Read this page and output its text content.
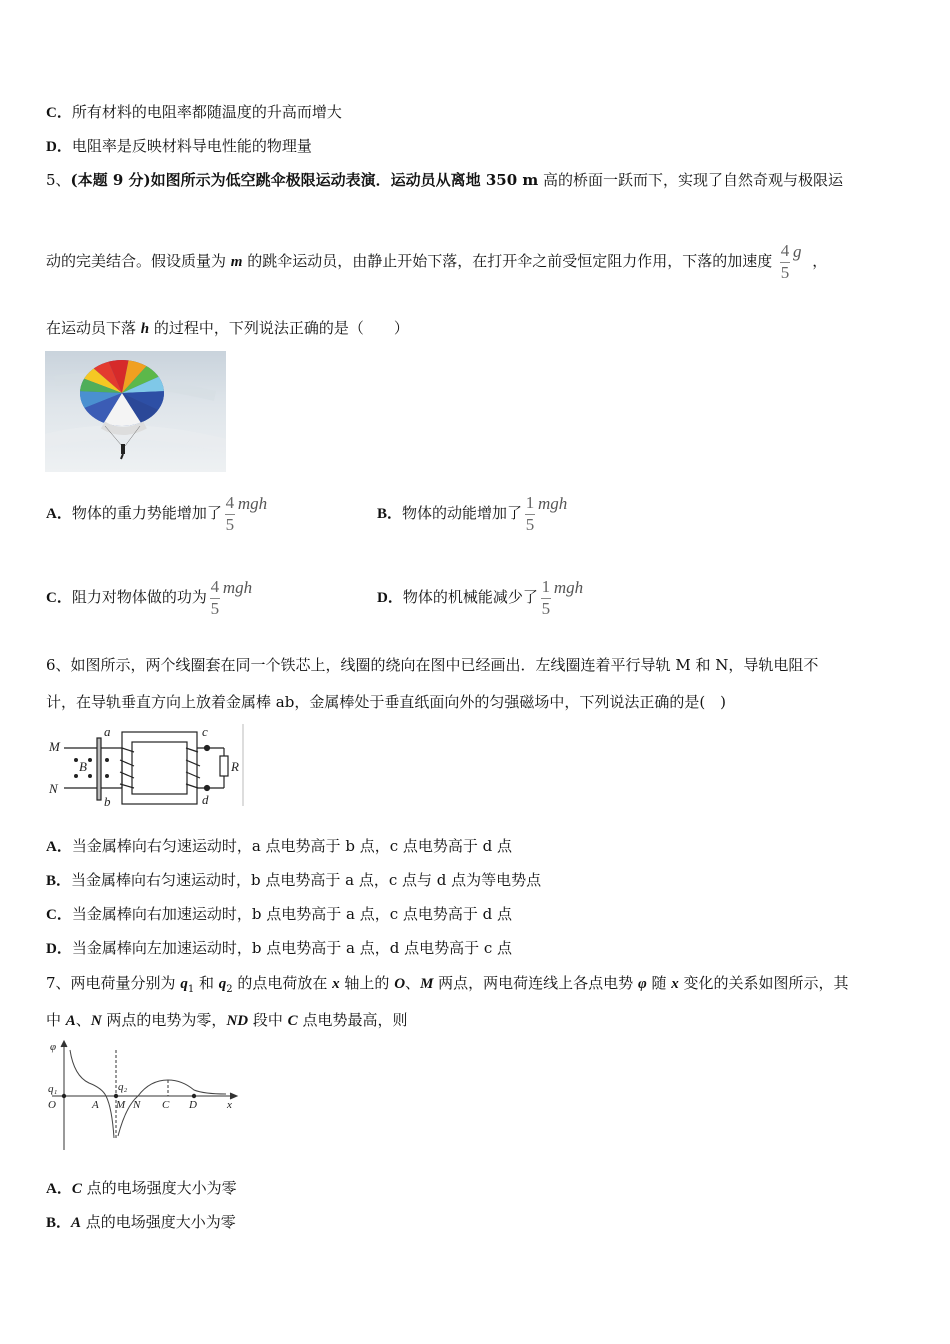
C．所有材料的电阻率都随温度的升高而增大
D．电阻率是反映材料导电性能的物理量
5、(本题 9 分)如图所示为低空跳伞极限运动表演．运动员从离地 350 m 高的桥面一跃而下，实现了自然奇观与极限运
动的完美结合。假设质量为 m 的跳伞运动员，由静止开始下落，在打开伞之前受恒定阻力作用，下落的加速度 $\frac{4}{5}$ g ，
在运动员下落 h 的过程中，下列说法正确的是（　　）
A．物体的重力势能增加了 $\frac{4}{5}$ mgh
B．物体的动能增加了 $\frac{1}{5}$ mgh
C．阻力对物体做的功为 $\frac{4}{5}$ mgh
D．物体的机械能减少了 $\frac{1}{5}$ mgh
6、如图所示，两个线圈套在同一个铁芯上，线圈的绕向在图中已经画出．左线圈连着平行导轨 M 和 N，导轨电阻不
计，在导轨垂直方向上放着金属棒 ab，金属棒处于垂直纸面向外的匀强磁场中，下列说法正确的是(　)
M
N
B
a
b
c
d
R
A．当金属棒向右匀速运动时，a 点电势高于 b 点，c 点电势高于 d 点
B．当金属棒向右匀速运动时，b 点电势高于 a 点，c 点与 d 点为等电势点
C．当金属棒向右加速运动时，b 点电势高于 a 点，c 点电势高于 d 点
D．当金属棒向左加速运动时，b 点电势高于 a 点，d 点电势高于 c 点
7、两电荷量分别为 $q_1$ 和 $q_2$ 的点电荷放在 x 轴上的 O、M 两点，两电荷连线上各点电势 φ 随 x 变化的关系如图所示，其
中 A、N 两点的电势为零，ND 段中 C 点电势最高，则
φ
q₁	q₂
O	A M N C D	x
A．C 点的电场强度大小为零
B．A 点的电场强度大小为零
